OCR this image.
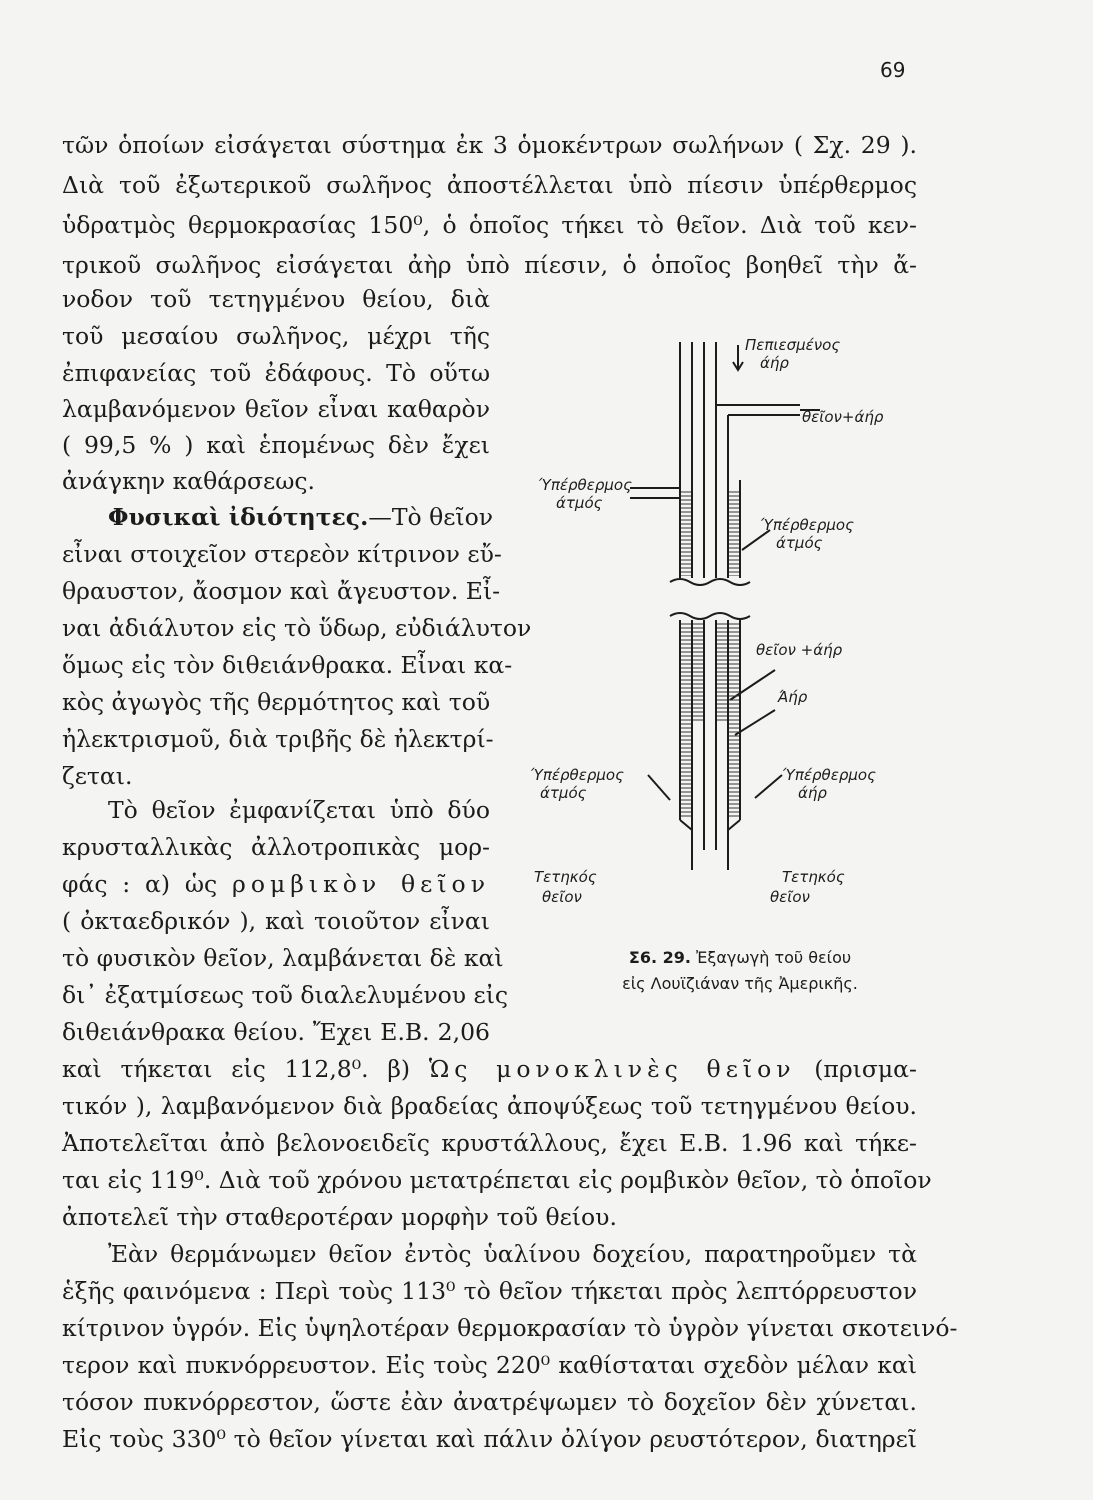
69
τῶν ὁποίων εἰσάγεται σύστημα ἐκ 3 ὁμοκέντρων σωλήνων ( Σχ. 29 ).
Διὰ τοῦ ἐξωτερικοῦ σωλῆνος ἀποστέλλεται ὑπὸ πίεσιν ὑπέρθερμος
ὑδρατμὸς θερμοκρασίας 150⁰, ὁ ὁποῖος τήκει τὸ θεῖον. Διὰ τοῦ κεν-
τρικοῦ σωλῆνος εἰσάγεται ἀὴρ ὑπὸ πίεσιν, ὁ ὁποῖος βοηθεῖ τὴν ἄ-
νοδον τοῦ τετηγμένου θείου, διὰ
τοῦ μεσαίου σωλῆνος, μέχρι τῆς
ἐπιφανείας τοῦ ἐδάφους. Τὸ οὕτω
λαμβανόμενον θεῖον εἶναι καθαρὸν
( 99,5 % ) καὶ ἑπομένως δὲν ἔχει
ἀνάγκην καθάρσεως.
Φυσικαὶ ἰδιότητες.—Τὸ θεῖον
εἶναι στοιχεῖον στερεὸν κίτρινον εὔ-
θραυστον, ἄοσμον καὶ ἄγευστον. Εἶ-
ναι ἀδιάλυτον εἰς τὸ ὕδωρ, εὐδιάλυτον
ὅμως εἰς τὸν διθειάνθρακα. Εἶναι κα-
κὸς ἀγωγὸς τῆς θερμότητος καὶ τοῦ
ἠλεκτρισμοῦ, διὰ τριβῆς δὲ ἠλεκτρί-
ζεται.
Τὸ θεῖον ἐμφανίζεται ὑπὸ δύο
κρυσταλλικὰς ἀλλοτροπικὰς μορ-
φάς : α) ὡς ρομβικὸν θεῖον
( ὀκταεδρικόν ), καὶ τοιοῦτον εἶναι
τὸ φυσικὸν θεῖον, λαμβάνεται δὲ καὶ
δι᾽ ἐξατμίσεως τοῦ διαλελυμένου εἰς
διθειάνθρακα θείου. Ἔχει Ε.Β. 2,06
καὶ τήκεται εἰς 112,8⁰. β) Ὡς μονοκλινὲς θεῖον (πρισμα-
τικόν ), λαμβανόμενον διὰ βραδείας ἀποψύξεως τοῦ τετηγμένου θείου.
Ἀποτελεῖται ἀπὸ βελονοειδεῖς κρυστάλλους, ἔχει Ε.Β. 1.96 καὶ τήκε-
ται εἰς 119⁰. Διὰ τοῦ χρόνου μετατρέπεται εἰς ρομβικὸν θεῖον, τὸ ὁποῖον
ἀποτελεῖ τὴν σταθεροτέραν μορφὴν τοῦ θείου.
Ἐὰν θερμάνωμεν θεῖον ἐντὸς ὑαλίνου δοχείου, παρατηροῦμεν τὰ
ἑξῆς φαινόμενα : Περὶ τοὺς 113⁰ τὸ θεῖον τήκεται πρὸς λεπτόρρευστον
κίτρινον ὑγρόν. Εἰς ὑψηλοτέραν θερμοκρασίαν τὸ ὑγρὸν γίνεται σκοτεινό-
τερον καὶ πυκνόρρευστον. Εἰς τοὺς 220⁰ καθίσταται σχεδὸν μέλαν καὶ
τόσον πυκνόρρεστον, ὥστε ἐὰν ἀνατρέψωμεν τὸ δοχεῖον δὲν χύνεται.
Εἰς τοὺς 330⁰ τὸ θεῖον γίνεται καὶ πάλιν ὀλίγον ρευστότερον, διατηρεῖ
Πεπιεσμένος
άήρ
θεῖον+άήρ
Ύπέρθερμος
άτμός
Ύπέρθερμος
άτμός
θεῖον +άήρ
Άήρ
Ύπέρθερμος
άτμός
Ύπέρθερμος
άήρ
Τετηκός
θεῖον
Τετηκός
θεῖον
Σ6. 29. Ἐξαγωγὴ τοῦ θείου
εἰς Λουϊζιάναν τῆς Ἀμερικῆς.
